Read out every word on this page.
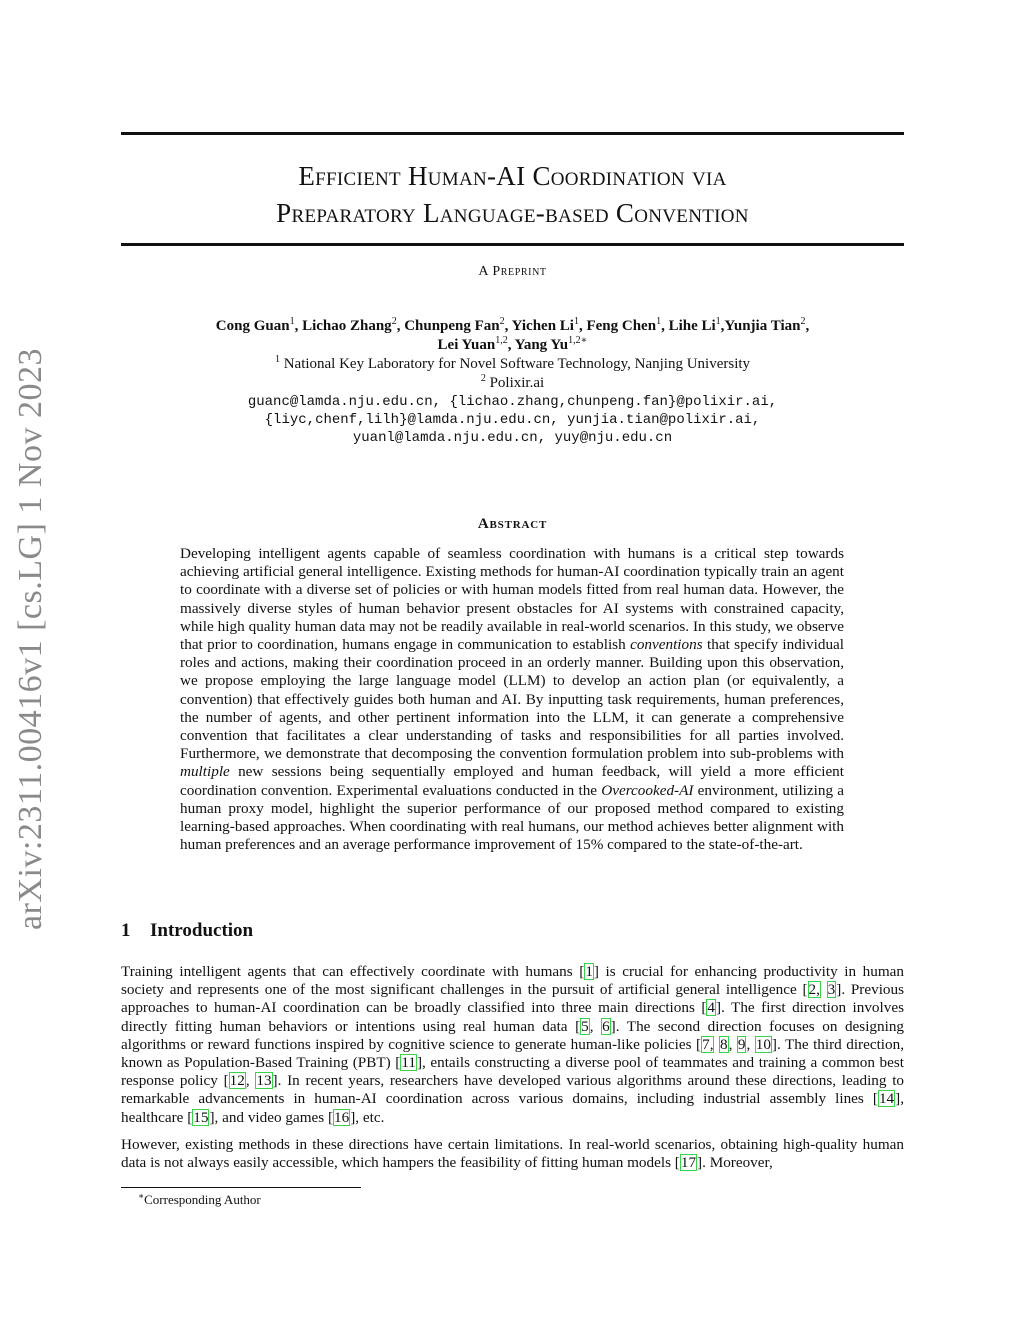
arXiv:2311.00416v1 [cs.LG] 1 Nov 2023
Efficient Human-AI Coordination via
Preparatory Language-based Convention
A Preprint
Cong Guan$^1$, Lichao Zhang$^2$, Chunpeng Fan$^2$, Yichen Li$^1$, Feng Chen$^1$, Lihe Li$^1$,Yunjia Tian$^2$,
Lei Yuan$^{1,2}$, Yang $Yu^{1,2∗}$
$^1$ National Key Laboratory for Novel Software Technology, Nanjing University
$^2$ Polixir.ai
guanc@lamda.nju.edu.cn, {lichao.zhang,chunpeng.fan}@polixir.ai,
{liyc,chenf,lilh}@lamda.nju.edu.cn, yunjia.tian@polixir.ai,
yuanl@lamda.nju.edu.cn, yuy@nju.edu.cn
Abstract
Developing intelligent agents capable of seamless coordination with humans is a critical step towards achieving artificial general intelligence. Existing methods for human-AI coordination typically train an agent to coordinate with a diverse set of policies or with human models fitted from real human data. However, the massively diverse styles of human behavior present obstacles for AI systems with constrained capacity, while high quality human data may not be readily available in real-world scenarios. In this study, we observe that prior to coordination, humans engage in communication to establish conventions that specify individual roles and actions, making their coordination proceed in an orderly manner. Building upon this observation, we propose employing the large language model (LLM) to develop an action plan (or equivalently, a convention) that effectively guides both human and AI. By inputting task requirements, human preferences, the number of agents, and other pertinent information into the LLM, it can generate a comprehensive convention that facilitates a clear understanding of tasks and responsibilities for all parties involved. Furthermore, we demonstrate that decomposing the convention formulation problem into sub-problems with multiple new sessions being sequentially employed and human feedback, will yield a more efficient coordination convention. Experimental evaluations conducted in the Overcooked-AI environment, utilizing a human proxy model, highlight the superior performance of our proposed method compared to existing learning-based approaches. When coordinating with real humans, our method achieves better alignment with human preferences and an average performance improvement of 15% compared to the state-of-the-art.
1 Introduction

Training intelligent agents that can effectively coordinate with humans [1] is crucial for enhancing productivity in human society and represents one of the most significant challenges in the pursuit of artificial general intelligence [2, 3]. Previous approaches to human-AI coordination can be broadly classified into three main directions [4]. The first direction involves directly fitting human behaviors or intentions using real human data [5, 6]. The second direction focuses on designing algorithms or reward functions inspired by cognitive science to generate human-like policies [7, 8, 9, 10]. The third direction, known as Population-Based Training (PBT) [11], entails constructing a diverse pool of teammates and training a common best response policy [12, 13]. In recent years, researchers have developed various algorithms around these directions, leading to remarkable advancements in human-AI coordination across various domains, including industrial assembly lines [14], healthcare [15], and video games [16], etc.

However, existing methods in these directions have certain limitations. In real-world scenarios, obtaining high-quality human data is not always easily accessible, which hampers the feasibility of fitting human models [17]. Moreover,

∗Corresponding Author
